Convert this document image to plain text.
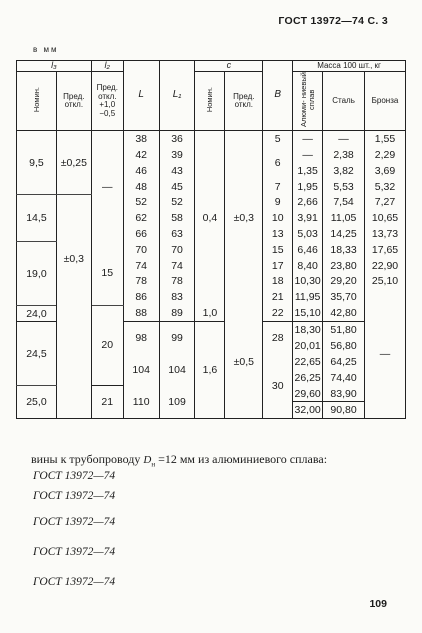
ГОСТ 13972—74 С. 3
в мм
l₃		l₂	L	L₁	c		B	Масса 100 шт., кг		
Номин.	Пред. откл.	Пред. откл. +1,0 −0,5			Номин.	Пред. откл.		Алюми- ниевый сплав	Сталь	Бронза
9,5	±0,25	—	38	36	0,4	±0,3	5	—	—	1,55
			42	39			6	—	2,38	2,29
			46	43				1,35	3,82	3,69
			48	45			7	1,95	5,53	5,32
14,5	±0,3		52	52			9	2,66	7,54	7,27
			62	58			10	3,91	11,05	10,65
			66	63			13	5,03	14,25	13,73
19,0		15	70	70			15	6,46	18,33	17,65
			74	74			17	8,40	23,80	22,90
			78	78			18	10,30	29,20	25,10
			86	83			21	11,95	35,70	—
24,0		20	88	89	1,0	±0,5	22	15,10	42,80	
24,5			98	99	1,6		28	18,30	51,80	
								20,01	56,80	
			104	104			30	22,65	64,25	
								26,25	74,40	
25,0		21	110	109				29,60	83,90	
								32,00	90,80	
вины к трубопроводу $D_н =12$ мм из алюминиевого сплава:
ГОСТ 13972—74
ГОСТ 13972—74
ГОСТ 13972—74
ГОСТ 13972—74
ГОСТ 13972—74
109
